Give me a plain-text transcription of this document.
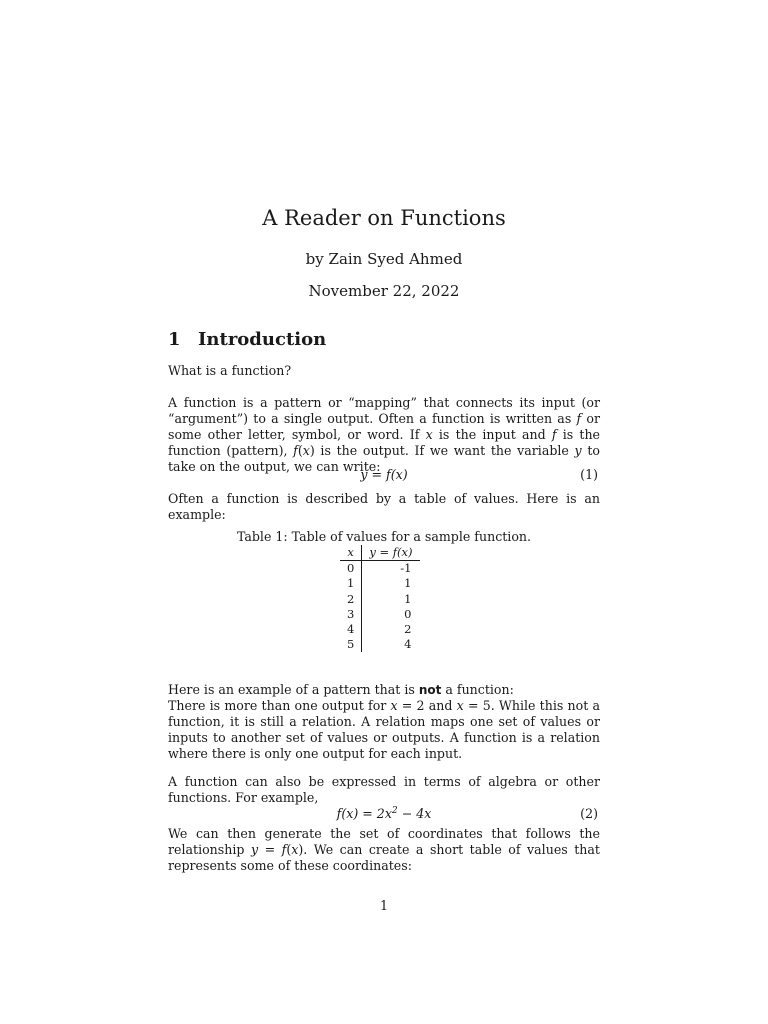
A Reader on Functions
by Zain Syed Ahmed
November 22, 2022
1 Introduction
What is a function?
A function is a pattern or “mapping” that connects its input (or “argument”) to a single output. Often a function is written as f or some other letter, symbol, or word. If x is the input and f is the function (pattern), f(x) is the output. If we want the variable y to take on the output, we can write:
y = f(x)	(1)
Often a function is described by a table of values. Here is an example:
Table 1: Table of values for a sample function.
x	y = f(x)
0	-1
1	1
2	1
3	0
4	2
5	4
Here is an example of a pattern that is not a function:
There is more than one output for x = 2 and x = 5. While this not a function, it is still a relation. A relation maps one set of values or inputs to another set of values or outputs. A function is a relation where there is only one output for each input.
A function can also be expressed in terms of algebra or other functions. For example,
$f(x) = 2x^2 - 4x$	(2)
We can then generate the set of coordinates that follows the relationship y = f(x). We can create a short table of values that represents some of these coordinates:
1
